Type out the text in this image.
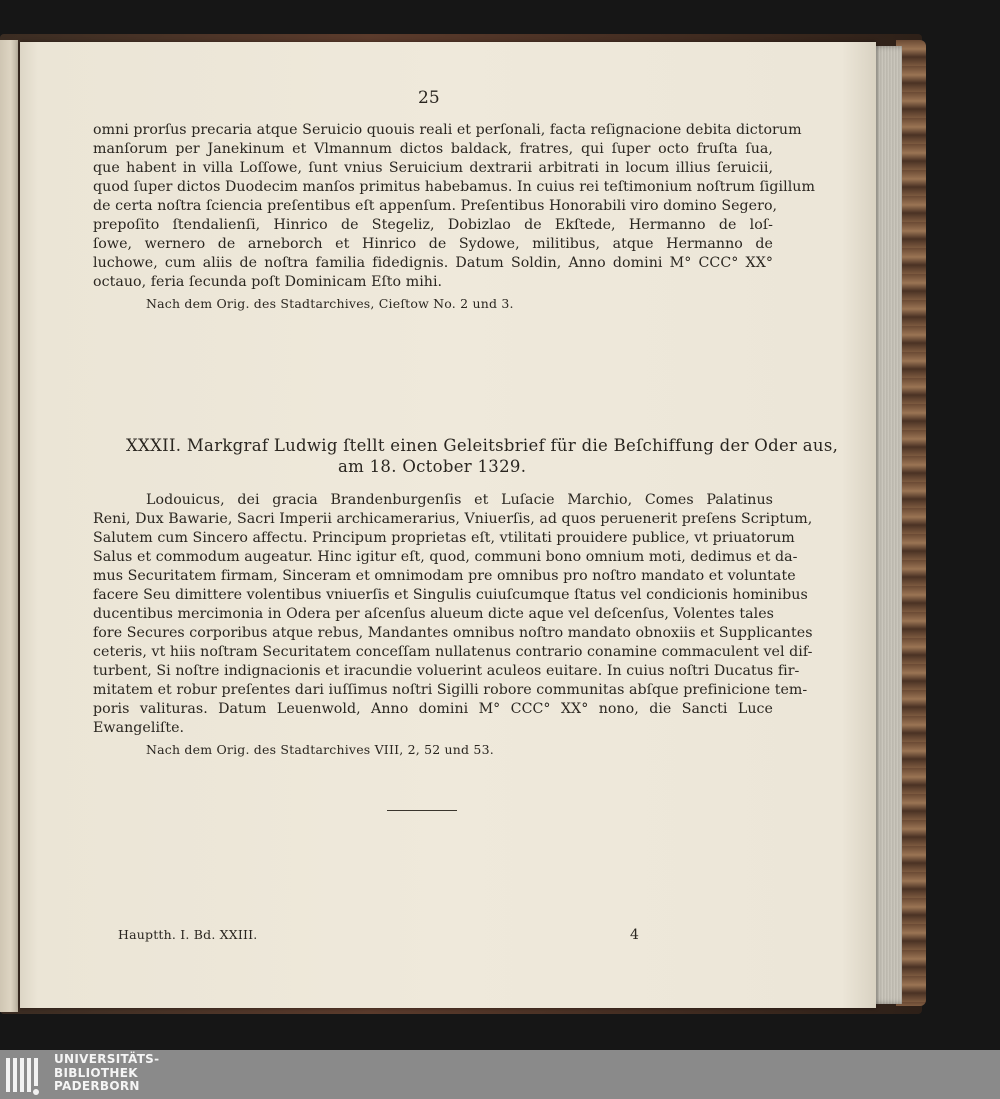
25
omni prorſus precaria atque Seruicio quouis reali et perſonali, facta reſignacione debita dictorum
manſorum per Janekinum et Vlmannum dictos baldack, fratres, qui ſuper octo fruſta ſua,
que habent in villa Loſſowe, ſunt vnius Seruicium dextrarii arbitrati in locum illius ſeruicii,
quod ſuper dictos Duodecim manſos primitus habebamus. In cuius rei teſtimonium noſtrum ſigillum
de certa noſtra ſciencia preſentibus eſt appenſum. Preſentibus Honorabili viro domino Segero,
prepoſito ſtendalienſi, Hinrico de Stegeliz, Dobizlao de Ekſtede, Hermanno de loſ-
ſowe, wernero de arneborch et Hinrico de Sydowe, militibus, atque Hermanno de
luchowe, cum aliis de noſtra familia fidedignis. Datum Soldin, Anno domini M° CCC° XX°
octauo, feria ſecunda poſt Dominicam Eſto mihi.
Nach dem Orig. des Stadtarchives, Cieſtow No. 2 und 3.
XXXII. Markgraf Ludwig ſtellt einen Geleitsbrief für die Beſchiffung der Oder aus,
am 18. October 1329.
Lodouicus, dei gracia Brandenburgenſis et Luſacie Marchio, Comes Palatinus
Reni, Dux Bawarie, Sacri Imperii archicamerarius, Vniuerſis, ad quos peruenerit preſens Scriptum,
Salutem cum Sincero affectu. Principum proprietas eſt, vtilitati prouidere publice, vt priuatorum
Salus et commodum augeatur. Hinc igitur eſt, quod, communi bono omnium moti, dedimus et da-
mus Securitatem firmam, Sinceram et omnimodam pre omnibus pro noſtro mandato et voluntate
facere Seu dimittere volentibus vniuerſis et Singulis cuiuſcumque ſtatus vel condicionis hominibus
ducentibus mercimonia in Odera per aſcenſus alueum dicte aque vel deſcenſus, Volentes tales
fore Secures corporibus atque rebus, Mandantes omnibus noſtro mandato obnoxiis et Supplicantes
ceteris, vt hiis noſtram Securitatem conceſſam nullatenus contrario conamine commaculent vel dif-
turbent, Si noſtre indignacionis et iracundie voluerint aculeos euitare. In cuius noſtri Ducatus fir-
mitatem et robur preſentes dari iuſſimus noſtri Sigilli robore communitas abſque prefinicione tem-
poris valituras. Datum Leuenwold, Anno domini M° CCC° XX° nono, die Sancti Luce
Ewangeliſte.
Nach dem Orig. des Stadtarchives VIII, 2, 52 und 53.
Hauptth. I. Bd. XXIII.	4
UNIVERSITÄTS-
BIBLIOTHEK
PADERBORN
